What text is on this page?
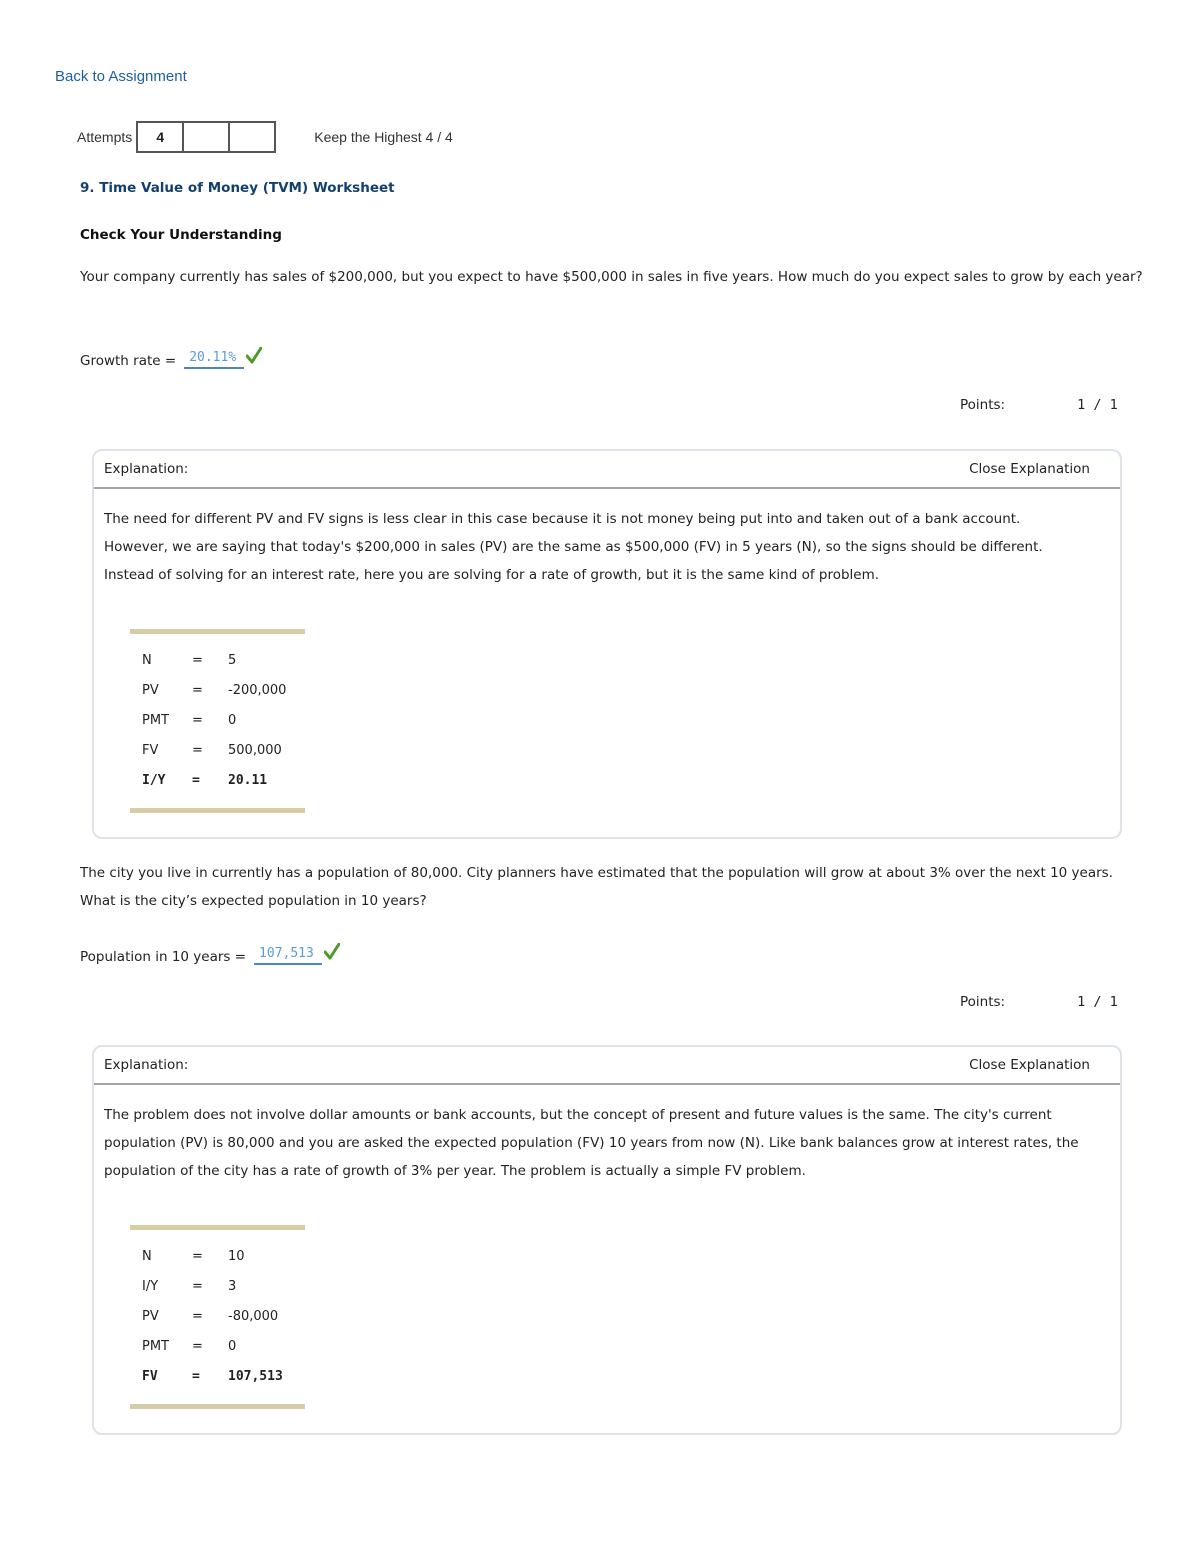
Back to Assignment
Attempts	4	Keep the Highest 4 / 4
9. Time Value of Money (TVM) Worksheet
Check Your Understanding
Your company currently has sales of $200,000, but you expect to have $500,000 in sales in five years. How much do you expect sales to grow by each year?
Growth rate =	20.11%
Points:	1 / 1
Explanation:	Close Explanation

The need for different PV and FV signs is less clear in this case because it is not money being put into and taken out of a bank account.

However, we are saying that today's $200,000 in sales (PV) are the same as $500,000 (FV) in 5 years (N), so the signs should be different.

Instead of solving for an interest rate, here you are solving for a rate of growth, but it is the same kind of problem.

N	=	5
PV	=	-200,000
PMT	=	0
FV	=	500,000
I/Y	=	20.11
The city you live in currently has a population of 80,000. City planners have estimated that the population will grow at about 3% over the next 10 years. What is the city’s expected population in 10 years?
Population in 10 years =	107,513
Points:	1 / 1
Explanation:	Close Explanation

The problem does not involve dollar amounts or bank accounts, but the concept of present and future values is the same. The city's current population (PV) is 80,000 and you are asked the expected population (FV) 10 years from now (N). Like bank balances grow at interest rates, the population of the city has a rate of growth of 3% per year. The problem is actually a simple FV problem.

N	=	10
I/Y	=	3
PV	=	-80,000
PMT	=	0
FV	=	107,513
